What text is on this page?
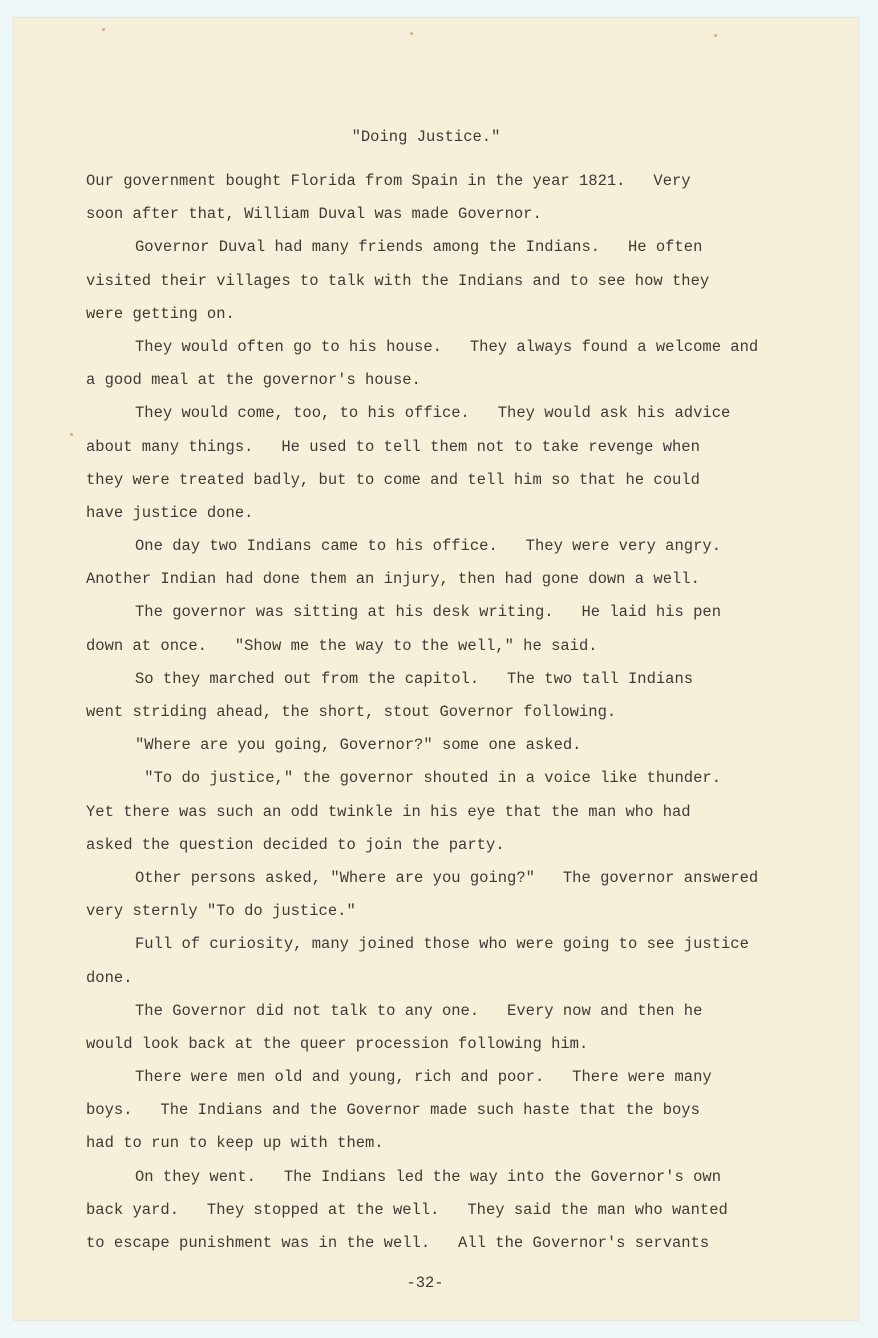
"Doing Justice."
Our government bought Florida from Spain in the year 1821.   Very
soon after that, William Duval was made Governor.
Governor Duval had many friends among the Indians.   He often
visited their villages to talk with the Indians and to see how they
were getting on.
They would often go to his house.   They always found a welcome and
a good meal at the governor's house.
They would come, too, to his office.   They would ask his advice
about many things.   He used to tell them not to take revenge when
they were treated badly, but to come and tell him so that he could
have justice done.
One day two Indians came to his office.   They were very angry.
Another Indian had done them an injury, then had gone down a well.
The governor was sitting at his desk writing.   He laid his pen
down at once.   "Show me the way to the well," he said.
So they marched out from the capitol.   The two tall Indians
went striding ahead, the short, stout Governor following.
"Where are you going, Governor?" some one asked.
"To do justice," the governor shouted in a voice like thunder.
Yet there was such an odd twinkle in his eye that the man who had
asked the question decided to join the party.
Other persons asked, "Where are you going?"   The governor answered
very sternly "To do justice."
Full of curiosity, many joined those who were going to see justice
done.
The Governor did not talk to any one.   Every now and then he
would look back at the queer procession following him.
There were men old and young, rich and poor.   There were many
boys.   The Indians and the Governor made such haste that the boys
had to run to keep up with them.
On they went.   The Indians led the way into the Governor's own
back yard.   They stopped at the well.   They said the man who wanted
to escape punishment was in the well.   All the Governor's servants
-32-
